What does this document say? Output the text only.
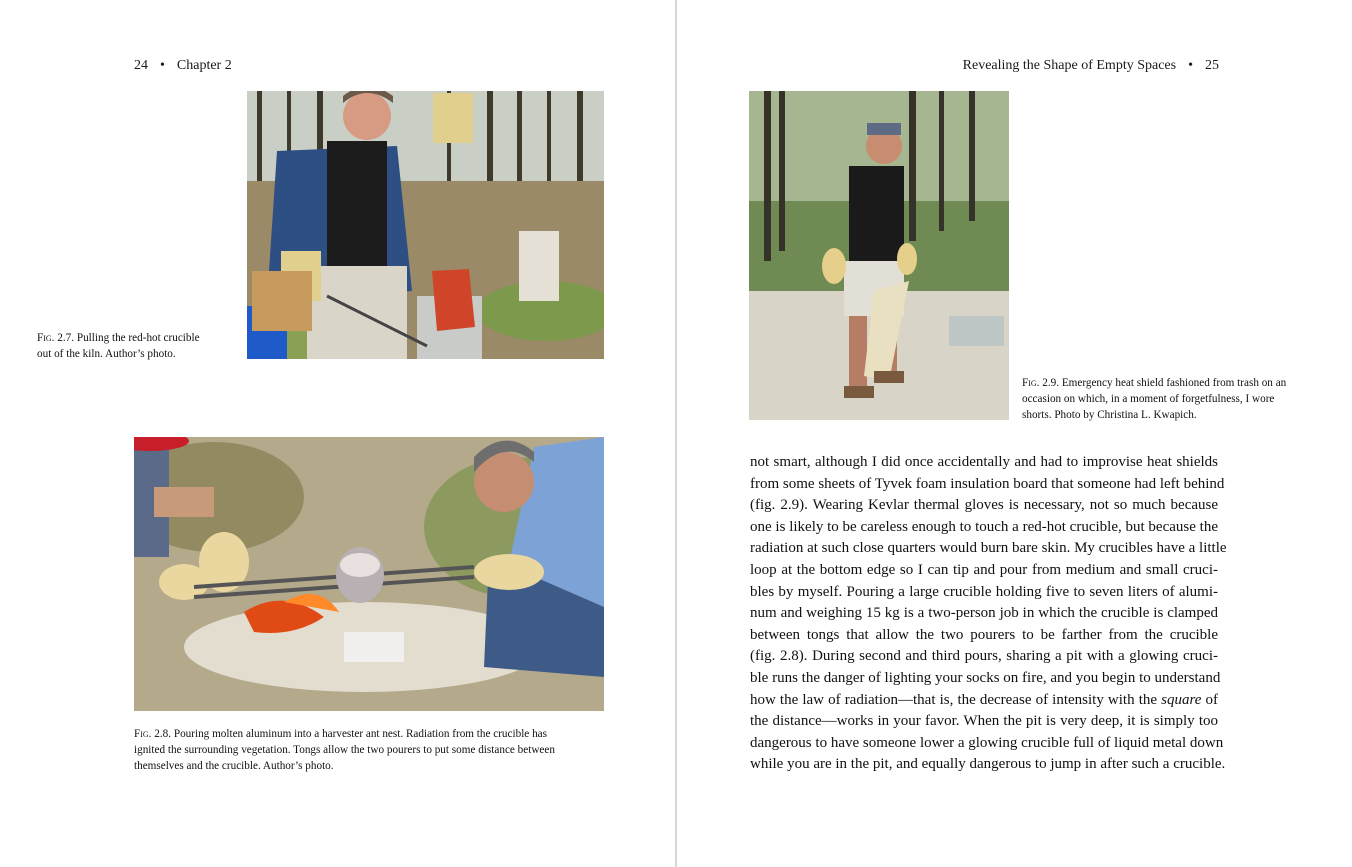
24 • Chapter 2
Fig. 2.7. Pulling the red-hot crucible
out of the kiln. Author’s photo.
Fig. 2.8. Pouring molten aluminum into a harvester ant nest. Radiation from the crucible has
ignited the surrounding vegetation. Tongs allow the two pourers to put some distance between
themselves and the crucible. Author’s photo.
Revealing the Shape of Empty Spaces • 25
Fig. 2.9. Emergency heat shield fashioned from trash on an
occasion on which, in a moment of forgetfulness, I wore
shorts. Photo by Christina L. Kwapich.
not smart, although I did once accidentally and had to improvise heat shields
from some sheets of Tyvek foam insulation board that someone had left behind
(fig. 2.9). Wearing Kevlar thermal gloves is necessary, not so much because
one is likely to be careless enough to touch a red-hot crucible, but because the
radiation at such close quarters would burn bare skin. My crucibles have a little
loop at the bottom edge so I can tip and pour from medium and small cruci-
bles by myself. Pouring a large crucible holding five to seven liters of alumi-
num and weighing 15 kg is a two-person job in which the crucible is clamped
between tongs that allow the two pourers to be farther from the crucible
(fig. 2.8). During second and third pours, sharing a pit with a glowing cruci-
ble runs the danger of lighting your socks on fire, and you begin to understand
how the law of radiation—that is, the decrease of intensity with the square of
the distance—works in your favor. When the pit is very deep, it is simply too
dangerous to have someone lower a glowing crucible full of liquid metal down
while you are in the pit, and equally dangerous to jump in after such a crucible.
